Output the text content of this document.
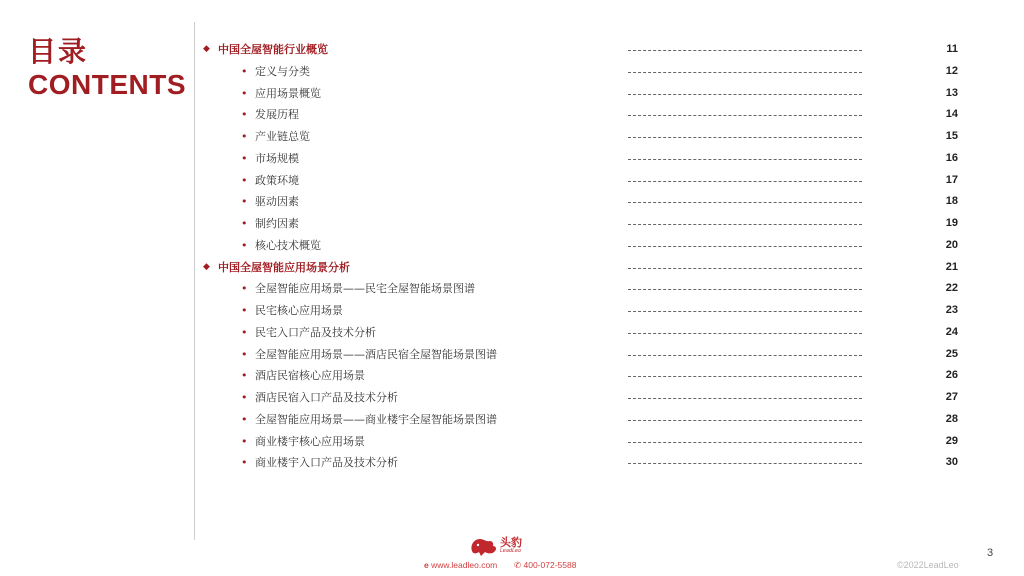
目录
CONTENTS
◆ 中国全屋智能行业概览	11
• 定义与分类	12
• 应用场景概览	13
• 发展历程	14
• 产业链总览	15
• 市场规模	16
• 政策环境	17
• 驱动因素	18
• 制约因素	19
• 核心技术概览	20
◆ 中国全屋智能应用场景分析	21
• 全屋智能应用场景——民宅全屋智能场景图谱	22
• 民宅核心应用场景	23
• 民宅入口产品及技术分析	24
• 全屋智能应用场景——酒店民宿全屋智能场景图谱	25
• 酒店民宿核心应用场景	26
• 酒店民宿入口产品及技术分析	27
• 全屋智能应用场景——商业楼宇全屋智能场景图谱	28
• 商业楼宇核心应用场景	29
• 商业楼宇入口产品及技术分析	30
头豹
LeadLeo
e www.leadleo.com ✆ 400-072-5588	©2022LeadLeo
3
